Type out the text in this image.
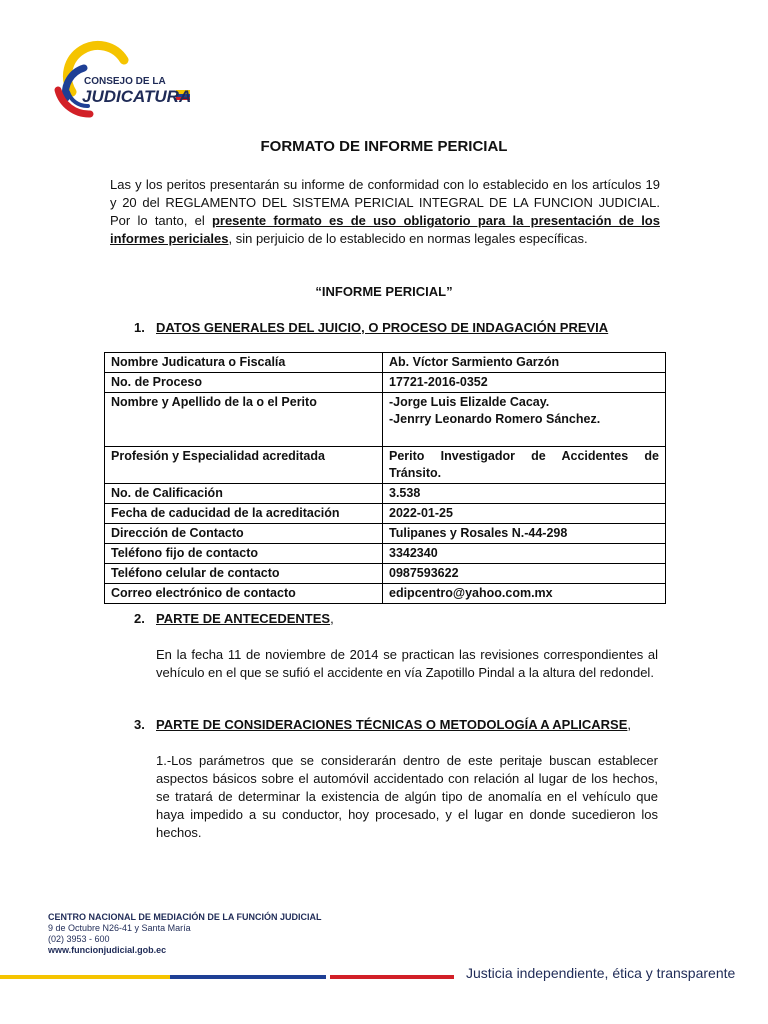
CONSEJO DE LA
JUDICATURA
FORMATO DE INFORME PERICIAL
Las y los peritos presentarán su informe de conformidad con lo establecido en los artículos 19 y 20 del REGLAMENTO DEL SISTEMA PERICIAL INTEGRAL DE LA FUNCION JUDICIAL. Por lo tanto, el presente formato es de uso obligatorio para la presentación de los informes periciales, sin perjuicio de lo establecido en normas legales específicas.
“INFORME PERICIAL”
1. DATOS GENERALES DEL JUICIO, O PROCESO DE INDAGACIÓN PREVIA
Nombre Judicatura o Fiscalía	Ab. Víctor Sarmiento Garzón
No. de Proceso	17721-2016-0352
Nombre y Apellido de la o el Perito	-Jorge Luis Elizalde Cacay.
-Jenrry Leonardo Romero Sánchez.

Profesión y Especialidad acreditada	Perito Investigador de Accidentes de Tránsito.
No. de Calificación	3.538
Fecha de caducidad de la acreditación	2022-01-25
Dirección de Contacto	Tulipanes y Rosales N.-44-298
Teléfono fijo de contacto	3342340
Teléfono celular de contacto	0987593622
Correo electrónico de contacto	edipcentro@yahoo.com.mx
2. PARTE DE ANTECEDENTES,
En la fecha 11 de noviembre de 2014 se practican las revisiones correspondientes al vehículo en el que se sufió el accidente en vía Zapotillo Pindal a la altura del redondel.
3. PARTE DE CONSIDERACIONES TÉCNICAS O METODOLOGÍA A APLICARSE,
1.-Los parámetros que se considerarán dentro de este peritaje buscan establecer aspectos básicos sobre el automóvil accidentado con relación al lugar de los hechos, se tratará de determinar la existencia de algún tipo de anomalía en el vehículo que haya impedido a su conductor, hoy procesado, y el lugar en donde sucedieron los hechos.
CENTRO NACIONAL DE MEDIACIÓN DE LA FUNCIÓN JUDICIAL
9 de Octubre N26-41 y Santa María
(02) 3953 - 600
www.funcionjudicial.gob.ec
Justicia independiente, ética y transparente
